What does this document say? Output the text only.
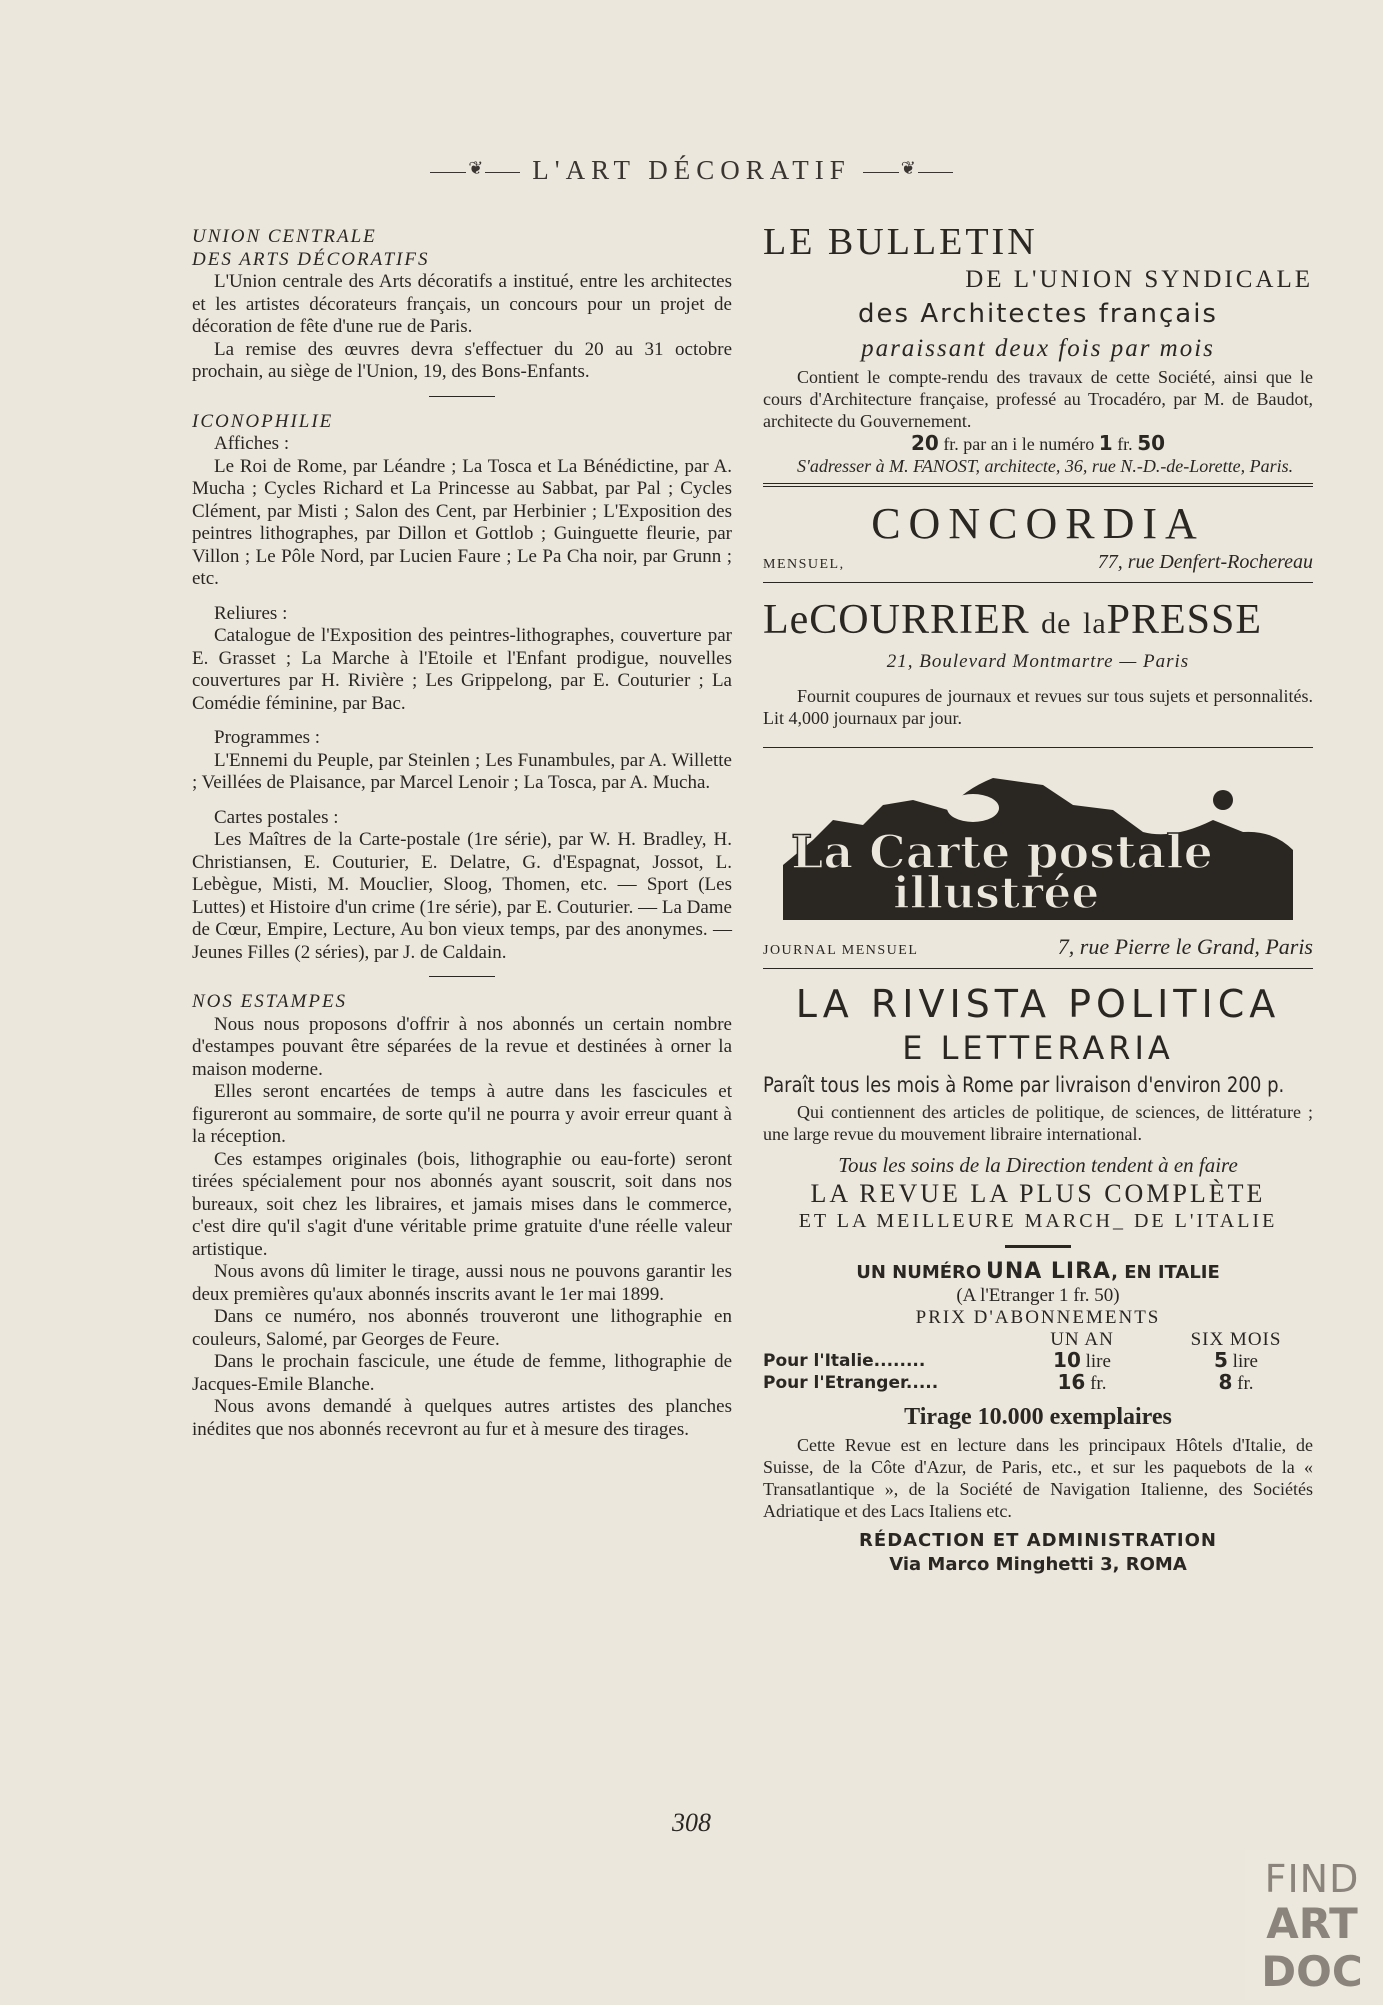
❦L'ART DÉCORATIF❦
UNION CENTRALE
DES ARTS DÉCORATIFS

L'Union centrale des Arts décoratifs a institué, entre les architectes et les artistes décorateurs français, un concours pour un projet de décoration de fête d'une rue de Paris.

La remise des œuvres devra s'effectuer du 20 au 31 octobre prochain, au siège de l'Union, 19, des Bons-Enfants.

ICONOPHILIE

Affiches :

Le Roi de Rome, par Léandre ; La Tosca et La Bénédictine, par A. Mucha ; Cycles Richard et La Princesse au Sabbat, par Pal ; Cycles Clément, par Misti ; Salon des Cent, par Herbinier ; L'Exposition des peintres lithographes, par Dillon et Gottlob ; Guinguette fleurie, par Villon ; Le Pôle Nord, par Lucien Faure ; Le Pa Cha noir, par Grunn ; etc.

Reliures :

Catalogue de l'Exposition des peintres-lithographes, couverture par E. Grasset ; La Marche à l'Etoile et l'Enfant prodigue, nouvelles couvertures par H. Rivière ; Les Grippelong, par E. Couturier ; La Comédie féminine, par Bac.

Programmes :

L'Ennemi du Peuple, par Steinlen ; Les Funambules, par A. Willette ; Veillées de Plaisance, par Marcel Lenoir ; La Tosca, par A. Mucha.

Cartes postales :

Les Maîtres de la Carte-postale (1re série), par W. H. Bradley, H. Christiansen, E. Couturier, E. Delatre, G. d'Espagnat, Jossot, L. Lebègue, Misti, M. Mouclier, Sloog, Thomen, etc. — Sport (Les Luttes) et Histoire d'un crime (1re série), par E. Couturier. — La Dame de Cœur, Empire, Lecture, Au bon vieux temps, par des anonymes. — Jeunes Filles (2 séries), par J. de Caldain.

NOS ESTAMPES

Nous nous proposons d'offrir à nos abonnés un certain nombre d'estampes pouvant être séparées de la revue et destinées à orner la maison moderne.

Elles seront encartées de temps à autre dans les fascicules et figureront au sommaire, de sorte qu'il ne pourra y avoir erreur quant à la réception.

Ces estampes originales (bois, lithographie ou eau-forte) seront tirées spécialement pour nos abonnés ayant souscrit, soit dans nos bureaux, soit chez les libraires, et jamais mises dans le commerce, c'est dire qu'il s'agit d'une véritable prime gratuite d'une réelle valeur artistique.

Nous avons dû limiter le tirage, aussi nous ne pouvons garantir les deux premières qu'aux abonnés inscrits avant le 1er mai 1899.

Dans ce numéro, nos abonnés trouveront une lithographie en couleurs, Salomé, par Georges de Feure.

Dans le prochain fascicule, une étude de femme, lithographie de Jacques-Emile Blanche.

Nous avons demandé à quelques autres artistes des planches inédites que nos abonnés recevront au fur et à mesure des tirages.

LE BULLETIN
DE L'UNION SYNDICALE
des Architectes français
paraissant deux fois par mois

Contient le compte-rendu des travaux de cette Société, ainsi que le cours d'Architecture française, professé au Trocadéro, par M. de Baudot, architecte du Gouvernement.

20 fr. par an i le numéro 1 fr. 50

S'adresser à M. FANOST, architecte, 36, rue N.-D.-de-Lorette, Paris.

CONCORDIA
MENSUEL,	77, rue Denfert-Rochereau
LeCOURRIER de laPRESSE
21, Boulevard Montmartre — Paris

Fournit coupures de journaux et revues sur tous sujets et personnalités. Lit 4,000 journaux par jour.

La Carte postale
illustrée
JOURNAL MENSUEL	7, rue Pierre le Grand, Paris
LA RIVISTA POLITICA
E LETTERARIA
Paraît tous les mois à Rome par livraison d'environ 200 p.

Qui contiennent des articles de politique, de sciences, de littérature ; une large revue du mouvement libraire international.

Tous les soins de la Direction tendent à en faire
LA REVUE LA PLUS COMPLÈTE
ET LA MEILLEURE MARCH_ DE L'ITALIE
UN NUMÉRO UNA LIRA, EN ITALIE
(A l'Etranger 1 fr. 50)
PRIX D'ABONNEMENTS
	UN AN	SIX MOIS
Pour l'Italie........	10 lire	5 lire
Pour l'Etranger.....	16 fr.	8 fr.
Tirage 10.000 exemplaires

Cette Revue est en lecture dans les principaux Hôtels d'Italie, de Suisse, de la Côte d'Azur, de Paris, etc., et sur les paquebots de la « Transatlantique », de la Société de Navigation Italienne, des Sociétés Adriatique et des Lacs Italiens etc.

RÉDACTION ET ADMINISTRATION
Via Marco Minghetti 3, ROMA
308
FIND
ART
DOC
